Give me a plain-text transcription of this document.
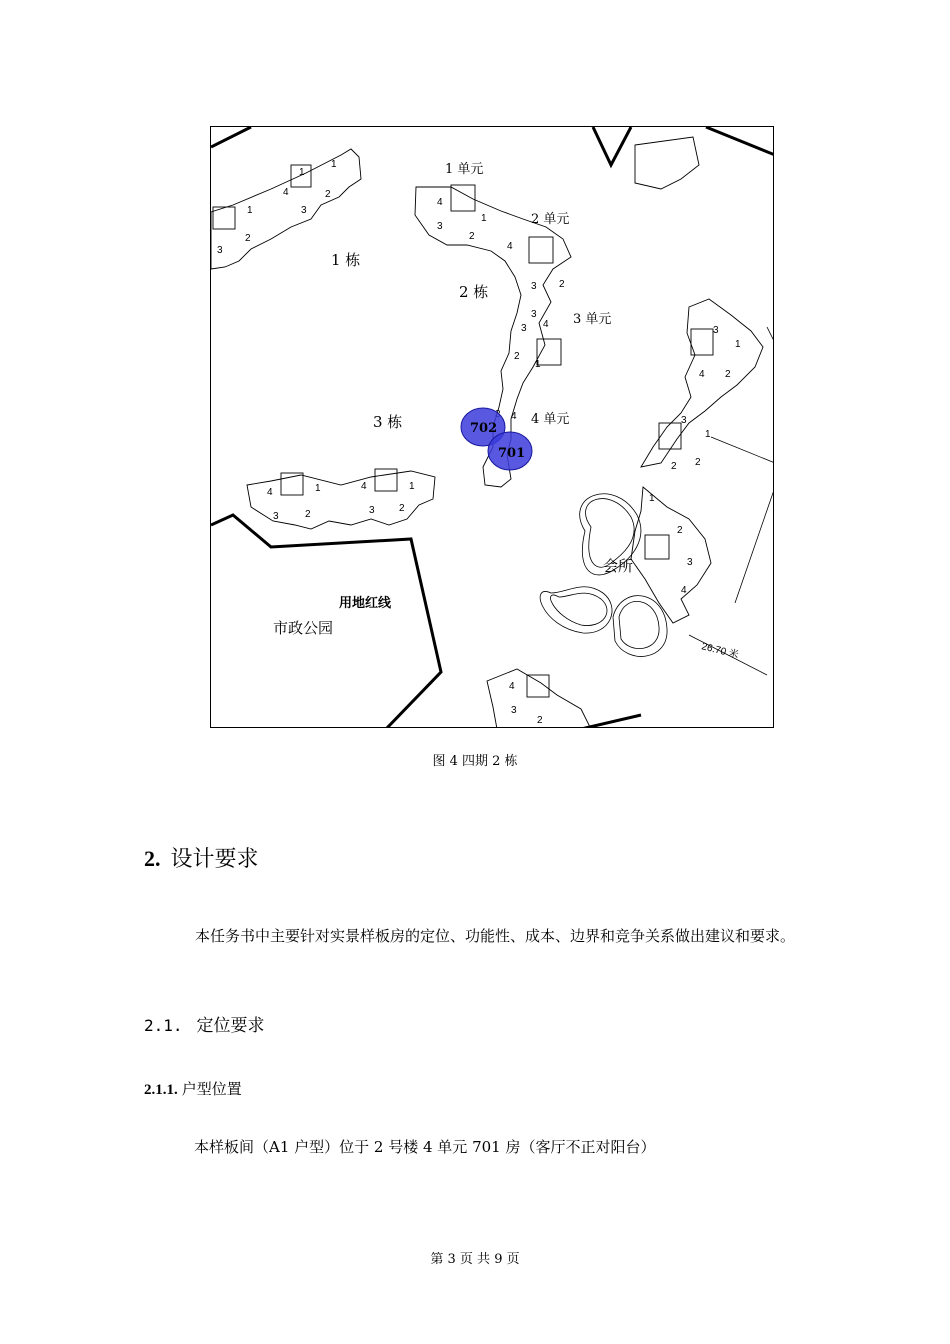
1
4
1
1
3
2
3
2
4
1
3
2
4
3 2
3
3 4
2
1
4
4	1	4	1
3	2	3 2
3
1
4 2
3
1
2 2
1
2
3
4
26.70 米
4
3
2
1 单元
2 单元
3 单元
4 单元
1 栋
2 栋
3 栋
会所
用地红线
市政公园
702
701
图 4 四期 2 栋
2. 设计要求
本任务书中主要针对实景样板房的定位、功能性、成本、边界和竞争关系做出建议和要求。
2.1. 定位要求
2.1.1. 户型位置
本样板间（A1 户型）位于 2 号楼 4 单元 701 房（客厅不正对阳台）
第 3 页 共 9 页
